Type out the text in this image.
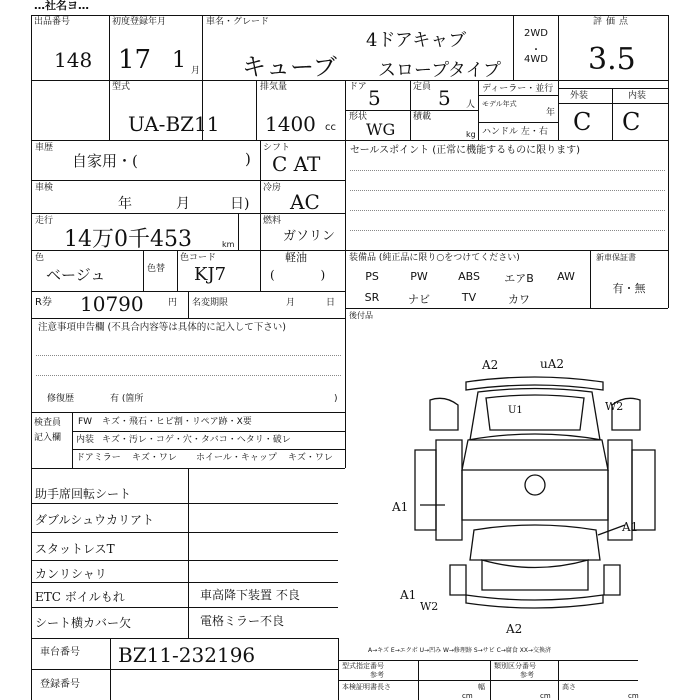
…社名ヨ…
出品番号
148
初度登録年月
17 1 月
車名・グレード
キューブ
4ドアキャブ
スロープタイプ
2WD
・
4WD
評価点
3.5
外装	内装
C C
型式
UA-BZ11
排気量
1400 cc
ドア 5	定員 5 人
ディーラー・並行
モデル年式
年
形状
WG
積載
kg ハンドル 左・右
車歴
自家用・(	)
シフト
C AT
セールスポイント (正常に機能するものに限ります)
車検
年	月	日)
冷房
AC
走行
14万0千453	km
燃料
ガソリン
軽油
(            )
装備品 (純正品に限り○をつけてください)	新車保証書
PS	PW	ABS	エアB	AW
SR	ナビ	TV	カワ
有・無
色
ベージュ	色替
色コード
KJ7
R券 10790	円 名変期限	月	日
後付品
注意事項申告欄 (不具合内容等は具体的に記入して下さい)
修復歴	有 (箇所	)
検査員
記入欄
FW キズ・飛石・ヒビ割・リペア跡・X要
内装 キズ・汚レ・コゲ・穴・タバコ・ヘタリ・破レ
ドアミラー キズ・ワレ ホイール・キャップ キズ・ワレ
助手席回転シート
ダブルシュウカリアト
スタットレスT
カンリシャリ
ETC ボイルもれ
シート横カバー欠
車高降下装置 不良
電格ミラー不良
A2	uA2
W2
U1
A1
A1
A1
W2
A2
A→キズ E→エクボ U→凹み W→修理跡 S→サビ C→腐食 XX→交換済
車台番号 BZ11-232196
登録番号
型式指定番号
参考
類別区分番号
参考
本検証明書長さ	幅	高さ
cm	cm	cm
